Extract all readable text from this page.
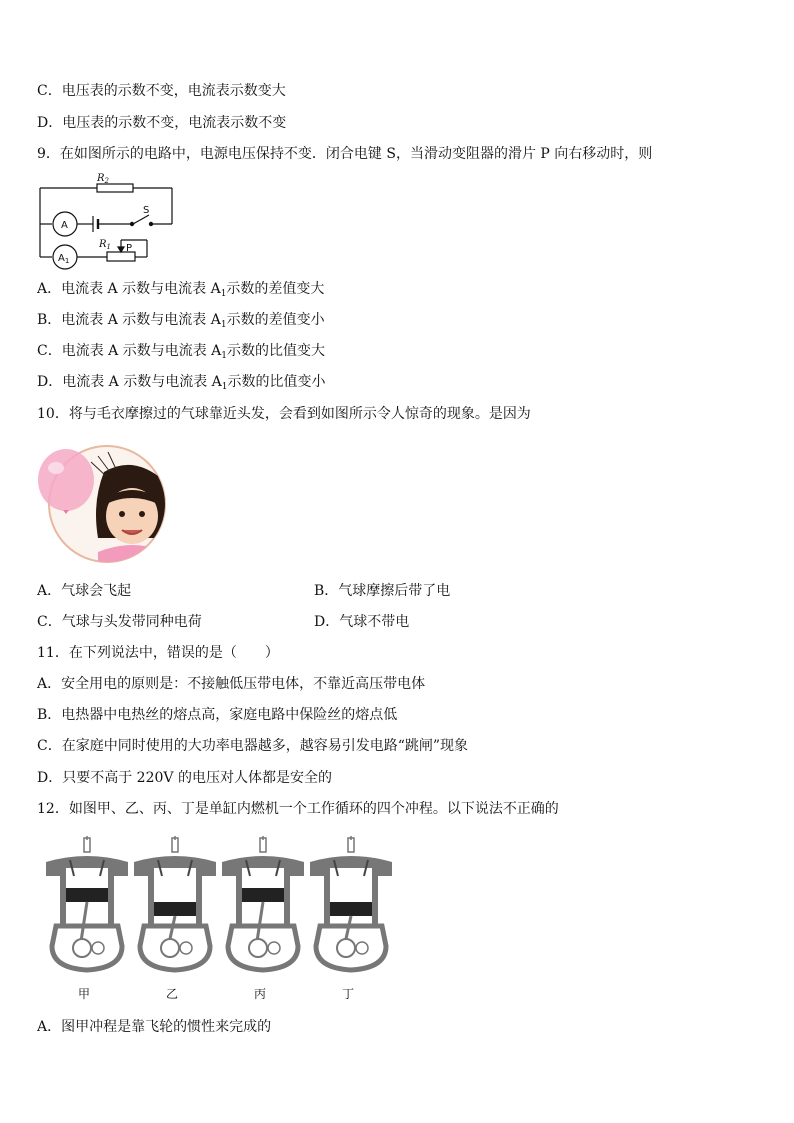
C．电压表的示数不变，电流表示数变大
D．电压表的示数不变，电流表示数不变
9．在如图所示的电路中，电源电压保持不变．闭合电键 S，当滑动变阻器的滑片 P 向右移动时，则
$R_2$
S
A
$R_1$ P
$A_1$
A．电流表 A 示数与电流表 $A_1$示数的差值变大
B．电流表 A 示数与电流表 $A_1$示数的差值变小
C．电流表 A 示数与电流表 $A_1$示数的比值变大
D．电流表 A 示数与电流表 $A_1$示数的比值变小
10．将与毛衣摩擦过的气球靠近头发，会看到如图所示令人惊奇的现象。是因为
A．气球会飞起	B．气球摩擦后带了电
C．气球与头发带同种电荷	D．气球不带电
11．在下列说法中，错误的是（　　）
A．安全用电的原则是：不接触低压带电体，不靠近高压带电体
B．电热器中电热丝的熔点高，家庭电路中保险丝的熔点低
C．在家庭中同时使用的大功率电器越多，越容易引发电路“跳闸”现象
D．只要不高于 220V 的电压对人体都是安全的
12．如图甲、乙、丙、丁是单缸内燃机一个工作循环的四个冲程。以下说法不正确的
甲	乙	丙	丁
A．图甲冲程是靠飞轮的惯性来完成的
